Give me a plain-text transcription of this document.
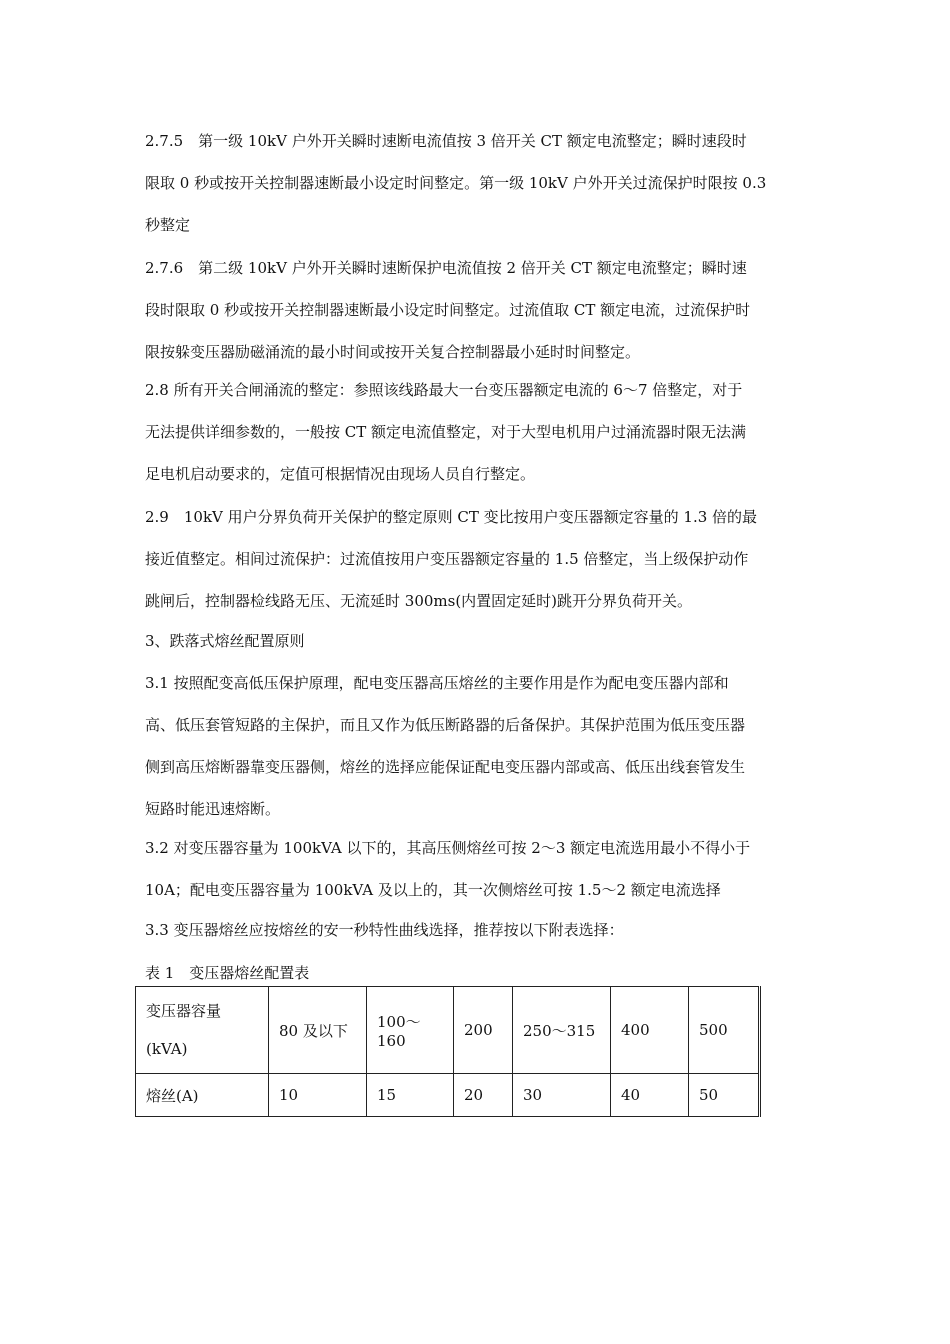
2.7.5　第一级 10kV 户外开关瞬时速断电流值按 3 倍开关 CT 额定电流整定；瞬时速段时
限取 0 秒或按开关控制器速断最小设定时间整定。第一级 10kV 户外开关过流保护时限按 0.3
秒整定
2.7.6　第二级 10kV 户外开关瞬时速断保护电流值按 2 倍开关 CT 额定电流整定；瞬时速
段时限取 0 秒或按开关控制器速断最小设定时间整定。过流值取 CT 额定电流，过流保护时
限按躲变压器励磁涌流的最小时间或按开关复合控制器最小延时时间整定。
2.8 所有开关合闸涌流的整定：参照该线路最大一台变压器额定电流的 6～7 倍整定，对于
无法提供详细参数的，一般按 CT 额定电流值整定，对于大型电机用户过涌流器时限无法满
足电机启动要求的，定值可根据情况由现场人员自行整定。
2.9　10kV 用户分界负荷开关保护的整定原则 CT 变比按用户变压器额定容量的 1.3 倍的最
接近值整定。相间过流保护：过流值按用户变压器额定容量的 1.5 倍整定，当上级保护动作
跳闸后，控制器检线路无压、无流延时 300ms(内置固定延时)跳开分界负荷开关。
3、跌落式熔丝配置原则
3.1 按照配变高低压保护原理，配电变压器高压熔丝的主要作用是作为配电变压器内部和
高、低压套管短路的主保护，而且又作为低压断路器的后备保护。其保护范围为低压变压器
侧到高压熔断器靠变压器侧，熔丝的选择应能保证配电变压器内部或高、低压出线套管发生
短路时能迅速熔断。
3.2 对变压器容量为 100kVA 以下的，其高压侧熔丝可按 2～3 额定电流选用最小不得小于
10A；配电变压器容量为 100kVA 及以上的，其一次侧熔丝可按 1.5～2 额定电流选择
3.3 变压器熔丝应按熔丝的安一秒特性曲线选择，推荐按以下附表选择：
表 1　变压器熔丝配置表
变压器容量
(kVA)	80 及以下	100～160	200	250～315	400	500
熔丝(A)	10	15	20	30	40	50
